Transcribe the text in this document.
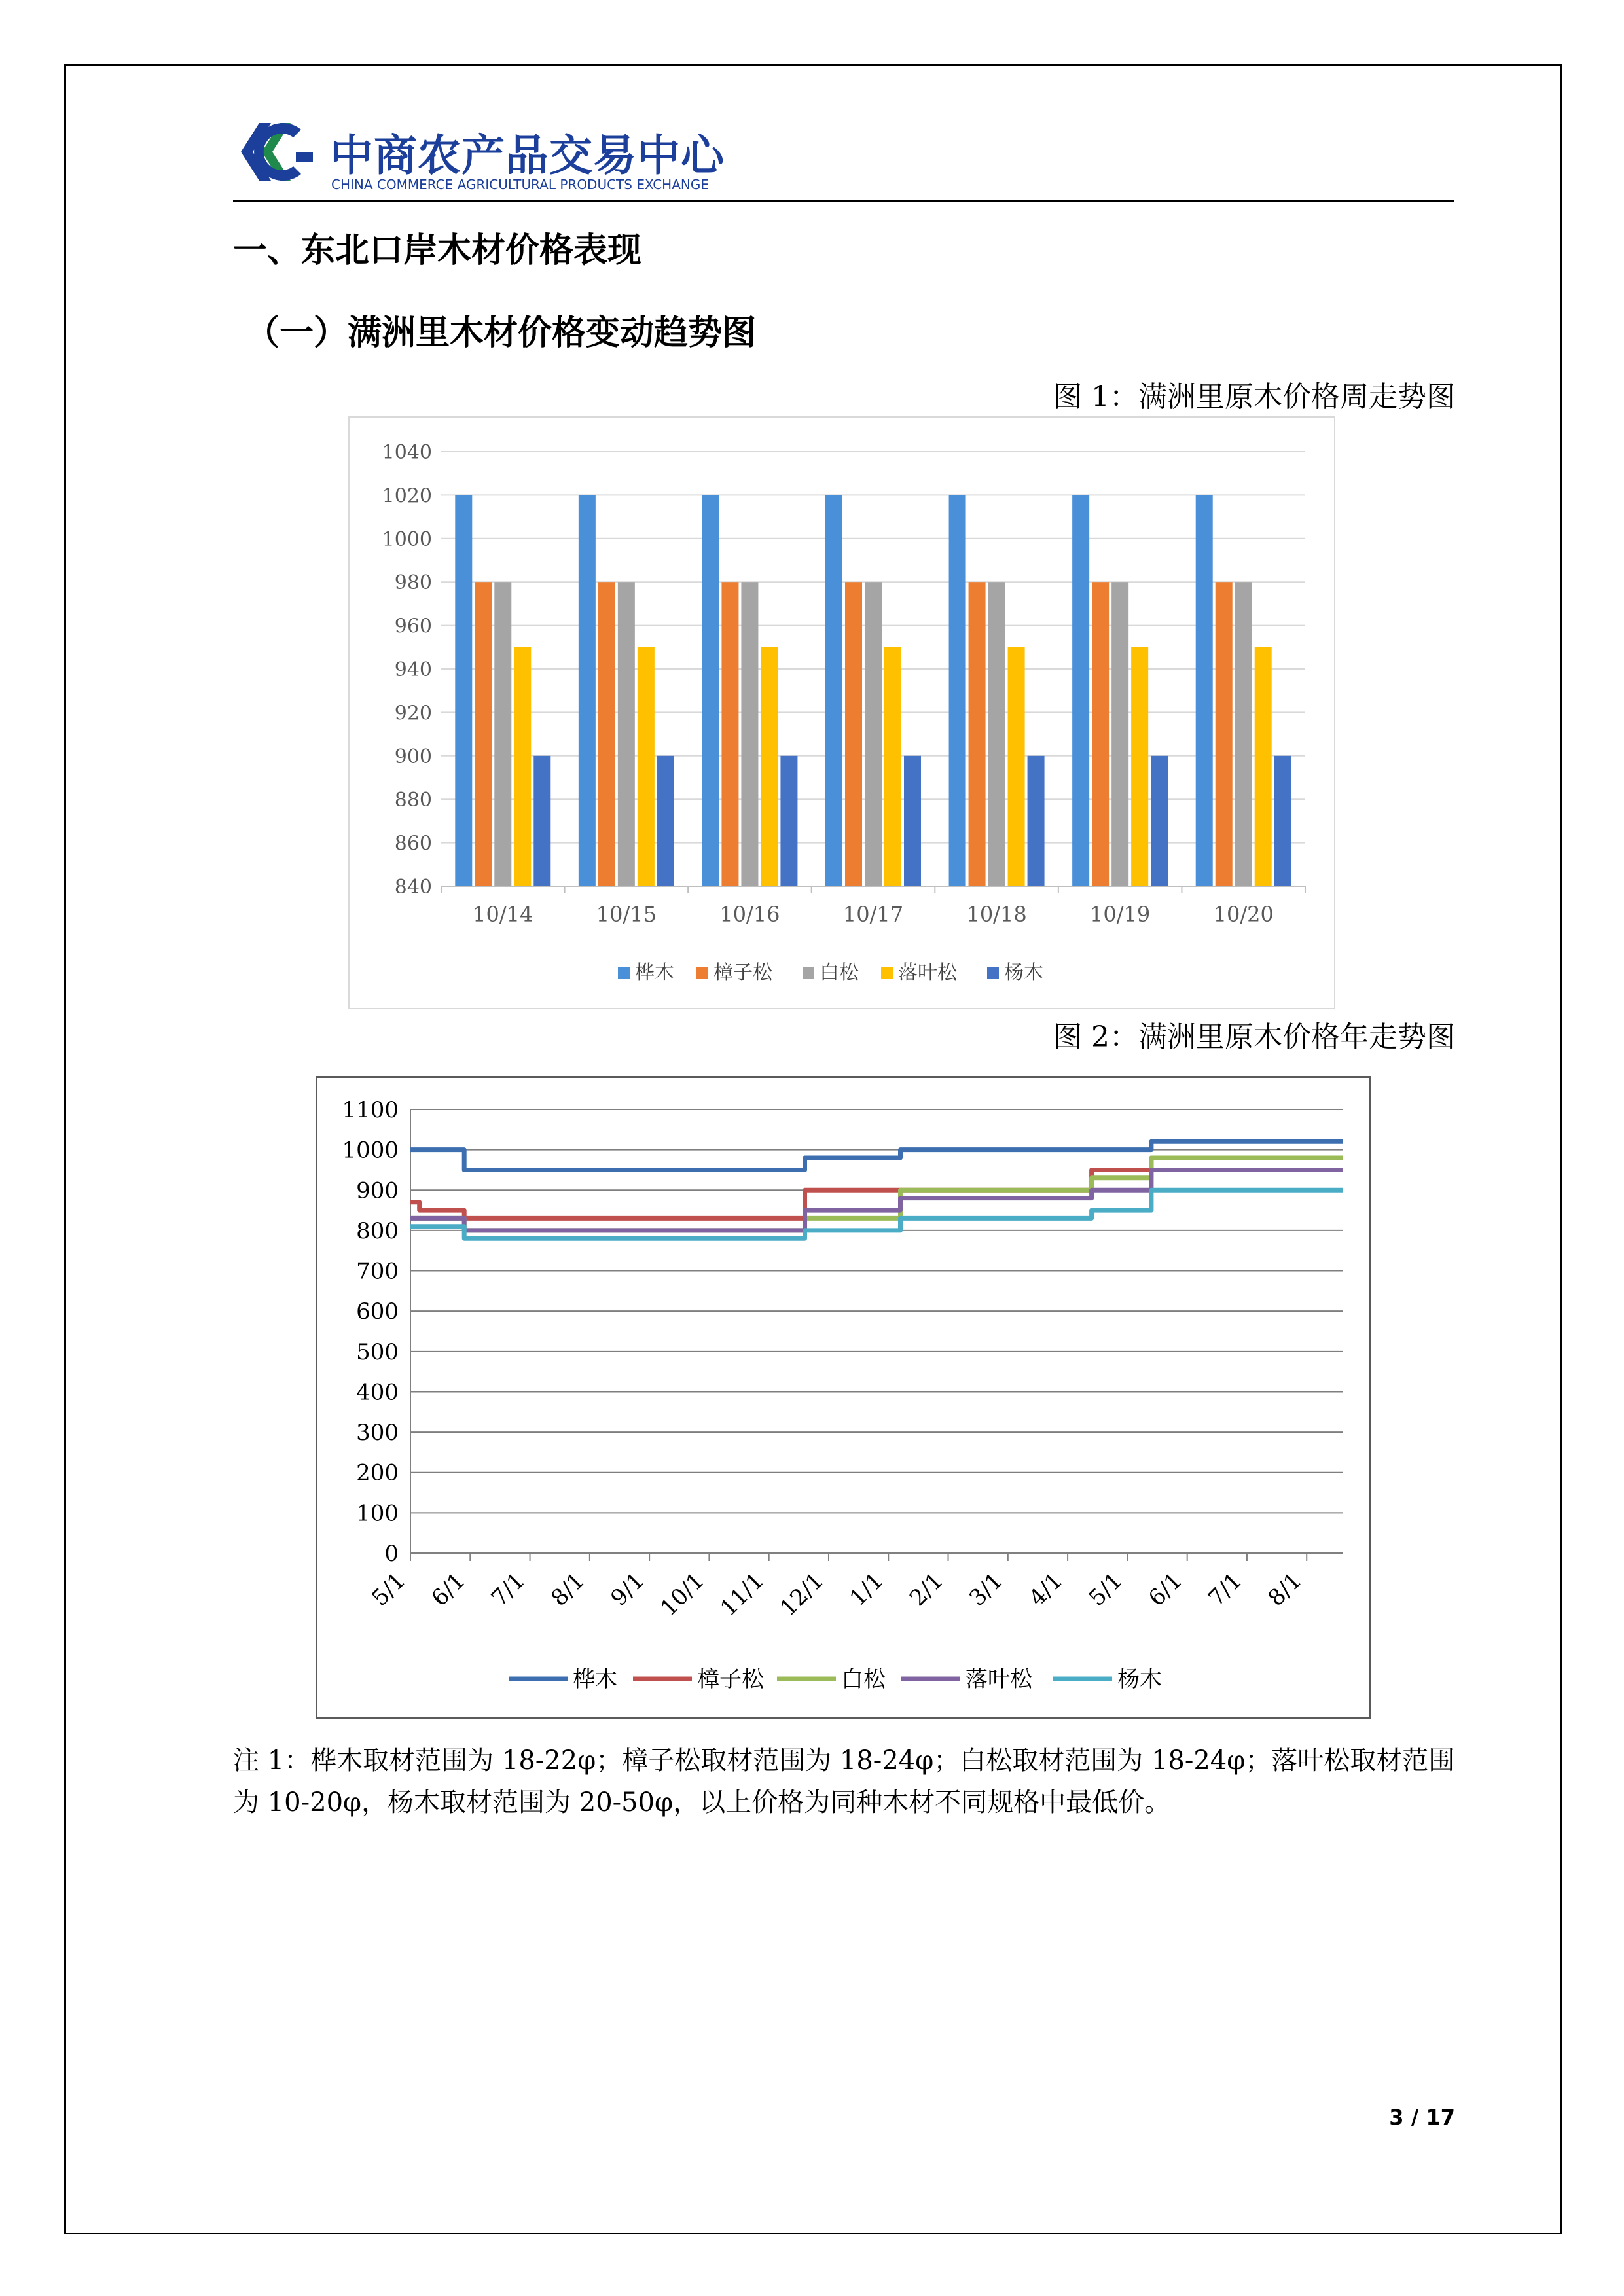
中商农产品交易中心
CHINA COMMERCE AGRICULTURAL PRODUCTS EXCHANGE
一、东北口岸木材价格表现
（一）满洲里木材价格变动趋势图
图 1：满洲里原木价格周走势图
840
860
880
900
920
940
960
980
1000
1020
1040
10/14	10/15	10/16	10/17	10/18	10/19	10/20
桦木 樟子松 白松 落叶松 杨木
图 2：满洲里原木价格年走势图
0
100
200
300
400
500
600
700
800
900
1000
1100
5/1 6/1 7/1 8/1 9/1 10/1 11/1 12/1 1/1 2/1 3/1 4/1 5/1 6/1 7/1 8/1
桦木	樟子松	白松	落叶松	杨木
注 1：桦木取材范围为 18-22φ；樟子松取材范围为 18-24φ；白松取材范围为 18-24φ；落叶松取材范围为 10-20φ，杨木取材范围为 20-50φ，以上价格为同种木材不同规格中最低价。
3 / 17
